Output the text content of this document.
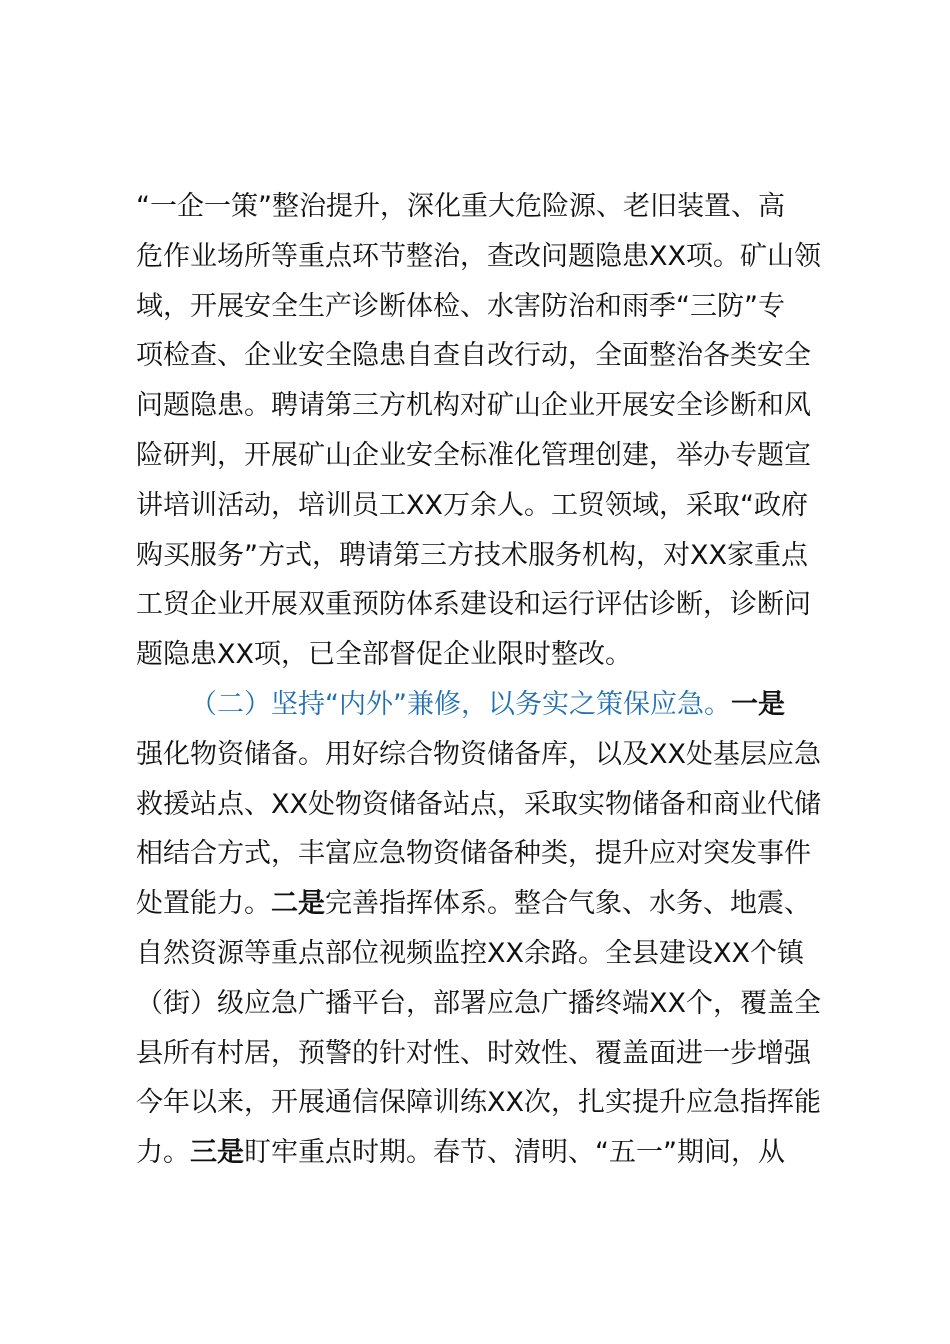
“一企一策”整治提升，深化重大危险源、老旧装置、高
危作业场所等重点环节整治，查改问题隐患XX项。矿山领
域，开展安全生产诊断体检、水害防治和雨季“三防”专
项检查、企业安全隐患自查自改行动，全面整治各类安全
问题隐患。聘请第三方机构对矿山企业开展安全诊断和风
险研判，开展矿山企业安全标准化管理创建，举办专题宣
讲培训活动，培训员工XX万余人。工贸领域，采取“政府
购买服务”方式，聘请第三方技术服务机构，对XX家重点
工贸企业开展双重预防体系建设和运行评估诊断，诊断问
题隐患XX项，已全部督促企业限时整改。
（二）坚持“内外”兼修，以务实之策保应急。一是
强化物资储备。用好综合物资储备库，以及XX处基层应急
救援站点、XX处物资储备站点，采取实物储备和商业代储
相结合方式，丰富应急物资储备种类，提升应对突发事件
处置能力。二是完善指挥体系。整合气象、水务、地震、
自然资源等重点部位视频监控XX余路。全县建设XX个镇
（街）级应急广播平台，部署应急广播终端XX个，覆盖全
县所有村居，预警的针对性、时效性、覆盖面进一步增强
今年以来，开展通信保障训练XX次，扎实提升应急指挥能
力。三是盯牢重点时期。春节、清明、“五一”期间，从
